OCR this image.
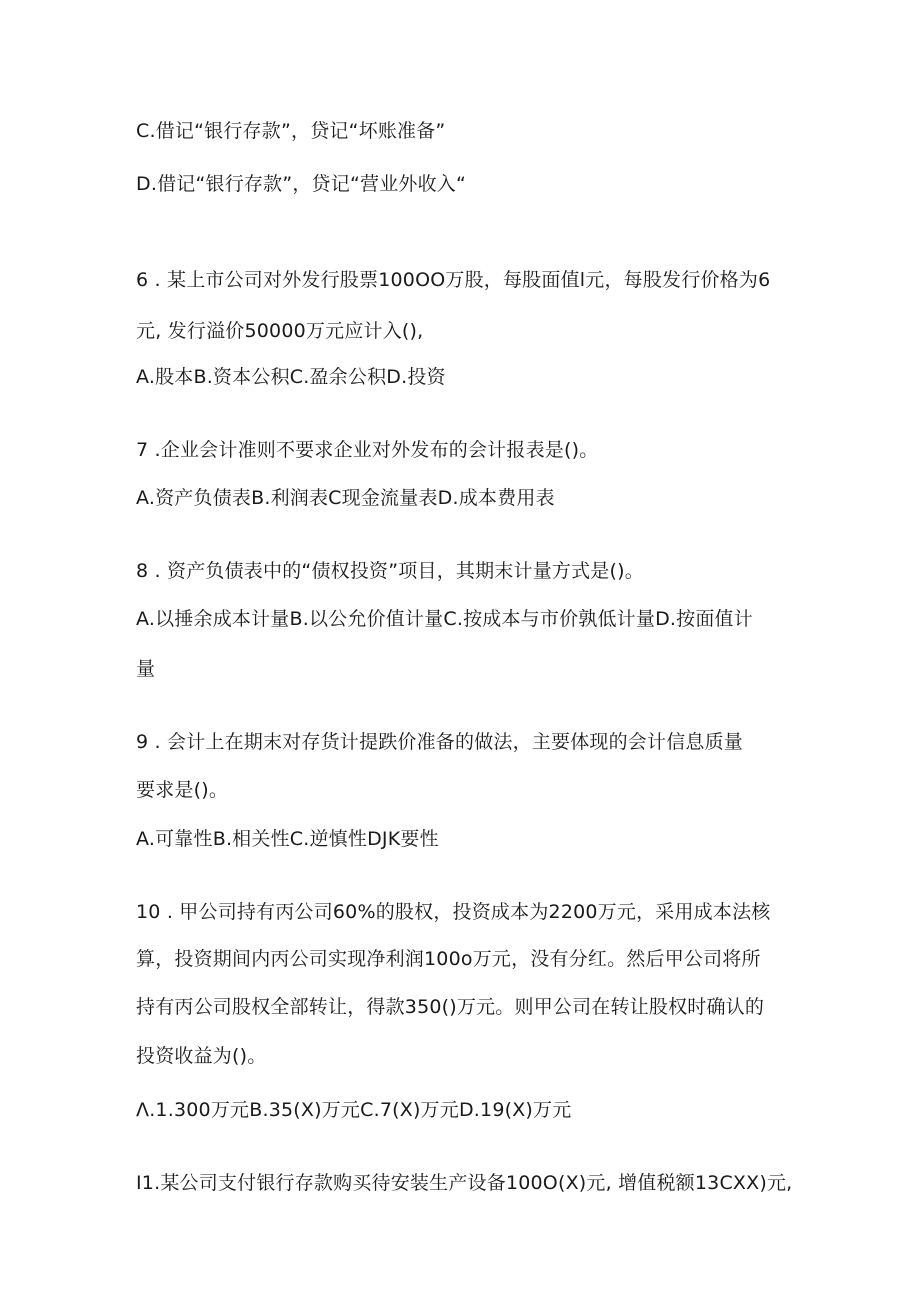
C.借记“银行存款”，贷记“坏账准备”
D.借记“银行存款”，贷记“营业外收入“
6 . 某上市公司对外发行股票100OO万股，每股面值l元，每股发行价格为6
元, 发行溢价50000万元应计入(),
A.股本B.资本公积C.盈余公积D.投资
7 .企业会计准则不要求企业对外发布的会计报表是()。
A.资产负债表B.利润表C现金流量表D.成本费用表
8 . 资产负债表中的“债权投资”项目，其期末计量方式是()。
A.以捶余成本计量B.以公允价值计量C.按成本与市价孰低计量D.按面值计
量
9 . 会计上在期末对存货计提跌价准备的做法，主要体现的会计信息质量
要求是()。
A.可靠性B.相关性C.逆慎性DJK要性
10 . 甲公司持有丙公司60%的股权，投资成本为2200万元，采用成本法核
算，投资期间内丙公司实现净利润100o万元，没有分红。然后甲公司将所
持有丙公司股权全部转让，得款350()万元。则甲公司在转让股权时确认的
投资收益为()。
Λ.1.300万元B.35(X)万元C.7(X)万元D.19(X)万元
I1.某公司支付银行存款购买待安装生产设备100O(X)元, 增值税额13CXX)元,
